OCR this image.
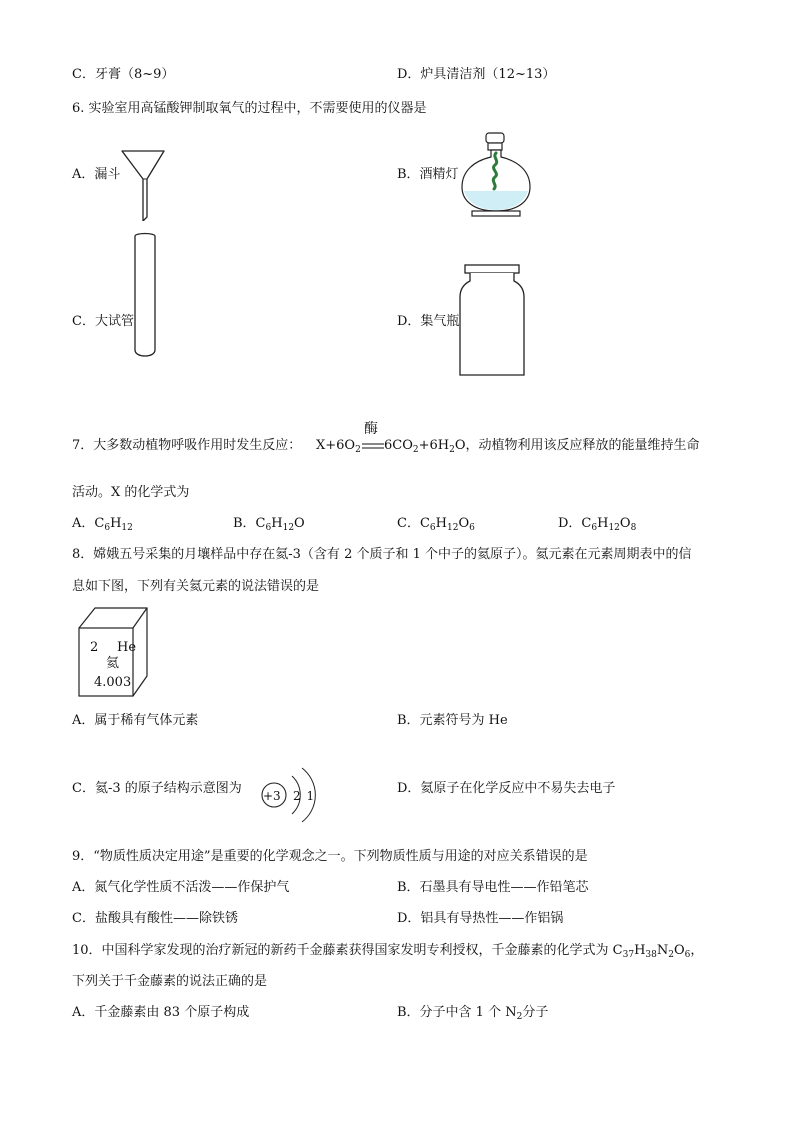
C．牙膏（8~9）	D．炉具清洁剂（12~13）
6. 实验室用高锰酸钾制取氧气的过程中，不需要使用的仪器是
A．漏斗	B．酒精灯
C．大试管	D．集气瓶
7．大多数动植物呼吸作用时发生反应： $X+6O_2$
酶
$6CO_2+6H_2O$，动植物利用该反应释放的能量维持生命
活动。X 的化学式为
A．$C_6H_{12}$	B．$C_6H_{12}O$	C．$C_6H_{12}O_6$	D．$C_6H_{12}O_8$
8．嫦娥五号采集的月壤样品中存在氦-3（含有 2 个质子和 1 个中子的氦原子）。氦元素在元素周期表中的信
息如下图，下列有关氦元素的说法错误的是
2 He
氦
4.003
A．属于稀有气体元素	B．元素符号为 He
C．氦-3 的原子结构示意图为	D．氦原子在化学反应中不易失去电子
+3 2 1
9．“物质性质决定用途”是重要的化学观念之一。下列物质性质与用途的对应关系错误的是
A．氮气化学性质不活泼——作保护气	B．石墨具有导电性——作铅笔芯
C．盐酸具有酸性——除铁锈	D．铝具有导热性——作铝锅
10．中国科学家发现的治疗新冠的新药千金藤素获得国家发明专利授权，千金藤素的化学式为 $C_{37}H_{38}N_2O_6$，
下列关于千金藤素的说法正确的是
A．千金藤素由 83 个原子构成	B．分子中含 1 个 $N_2$分子
